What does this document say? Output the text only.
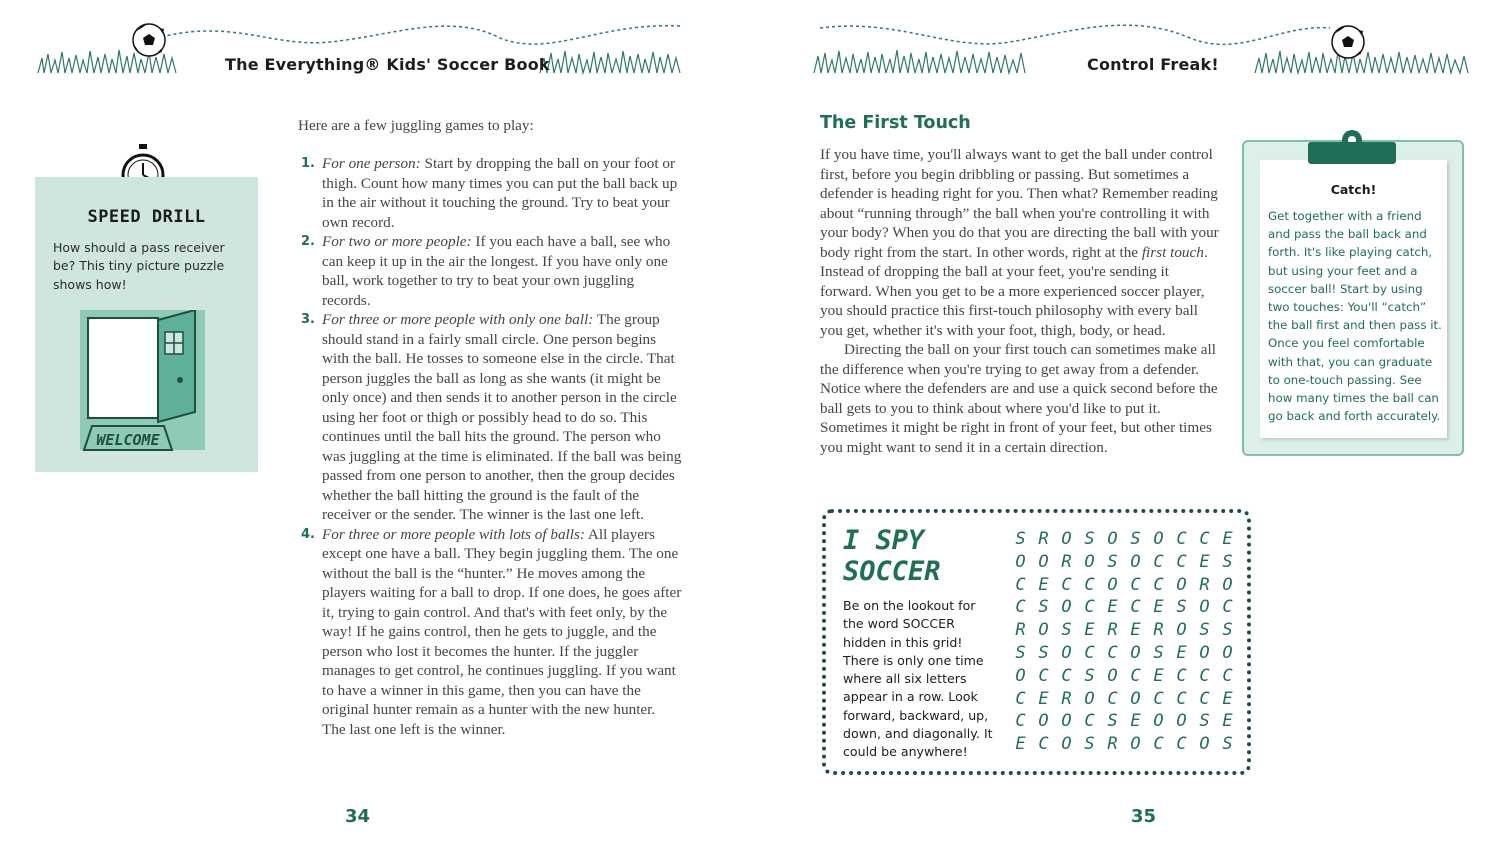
The Everything® Kids' Soccer Book
SPEED DRILL
How should a pass receiver be? This tiny picture puzzle shows how!
WELCOME
Here are a few juggling games to play:
1. For one person: Start by dropping the ball on your foot or thigh. Count how many times you can put the ball back up in the air without it touching the ground. Try to beat your own record.
2. For two or more people: If you each have a ball, see who can keep it up in the air the longest. If you have only one ball, work together to try to beat your own juggling records.
3. For three or more people with only one ball: The group should stand in a fairly small circle. One person begins with the ball. He tosses to someone else in the circle. That person juggles the ball as long as she wants (it might be only once) and then sends it to another person in the circle using her foot or thigh or possibly head to do so. This continues until the ball hits the ground. The person who was juggling at the time is eliminated. If the ball was being passed from one person to another, then the group decides whether the ball hitting the ground is the fault of the receiver or the sender. The winner is the last one left.
4. For three or more people with lots of balls: All players except one have a ball. They begin juggling them. The one without the ball is the “hunter.” He moves among the players waiting for a ball to drop. If one does, he goes after it, trying to gain control. And that's with feet only, by the way! If he gains control, then he gets to juggle, and the person who lost it becomes the hunter. If the juggler manages to get control, he continues juggling. If you want to have a winner in this game, then you can have the original hunter remain as a hunter with the new hunter. The last one left is the winner.
34
Control Freak!
The First Touch

If you have time, you'll always want to get the ball under control first, before you begin dribbling or passing. But sometimes a defender is heading right for you. Then what? Remember reading about “running through” the ball when you're controlling it with your body? When you do that you are directing the ball with your body right from the start. In other words, right at the first touch. Instead of dropping the ball at your feet, you're sending it forward. When you get to be a more experienced soccer player, you should practice this first-touch philosophy with every ball you get, whether it's with your foot, thigh, body, or head.

Directing the ball on your first touch can sometimes make all the difference when you're trying to get away from a defender. Notice where the defenders are and use a quick second before the ball gets to you to think about where you'd like to put it. Sometimes it might be right in front of your feet, but other times you might want to send it in a certain direction.

Catch!
Get together with a friend and pass the ball back and forth. It's like playing catch, but using your feet and a soccer ball! Start by using two touches: You'll “catch” the ball first and then pass it. Once you feel comfortable with that, you can graduate to one-touch passing. See how many times the ball can go back and forth accurately.
I SPY
SOCCER
Be on the lookout for the word SOCCER hidden in this grid! There is only one time where all six letters appear in a row. Look forward, backward, up, down, and diagonally. It could be anywhere!
S R O S O S O C C E
O O R O S O C C E S
C E C C O C C O R O
C S O C E C E S O C
R O S E R E R O S S
S S O C C O S E O O
O C C S O C E C C C
C E R O C O C C C E
C O O C S E O O S E
E C O S R O C C O S
35
